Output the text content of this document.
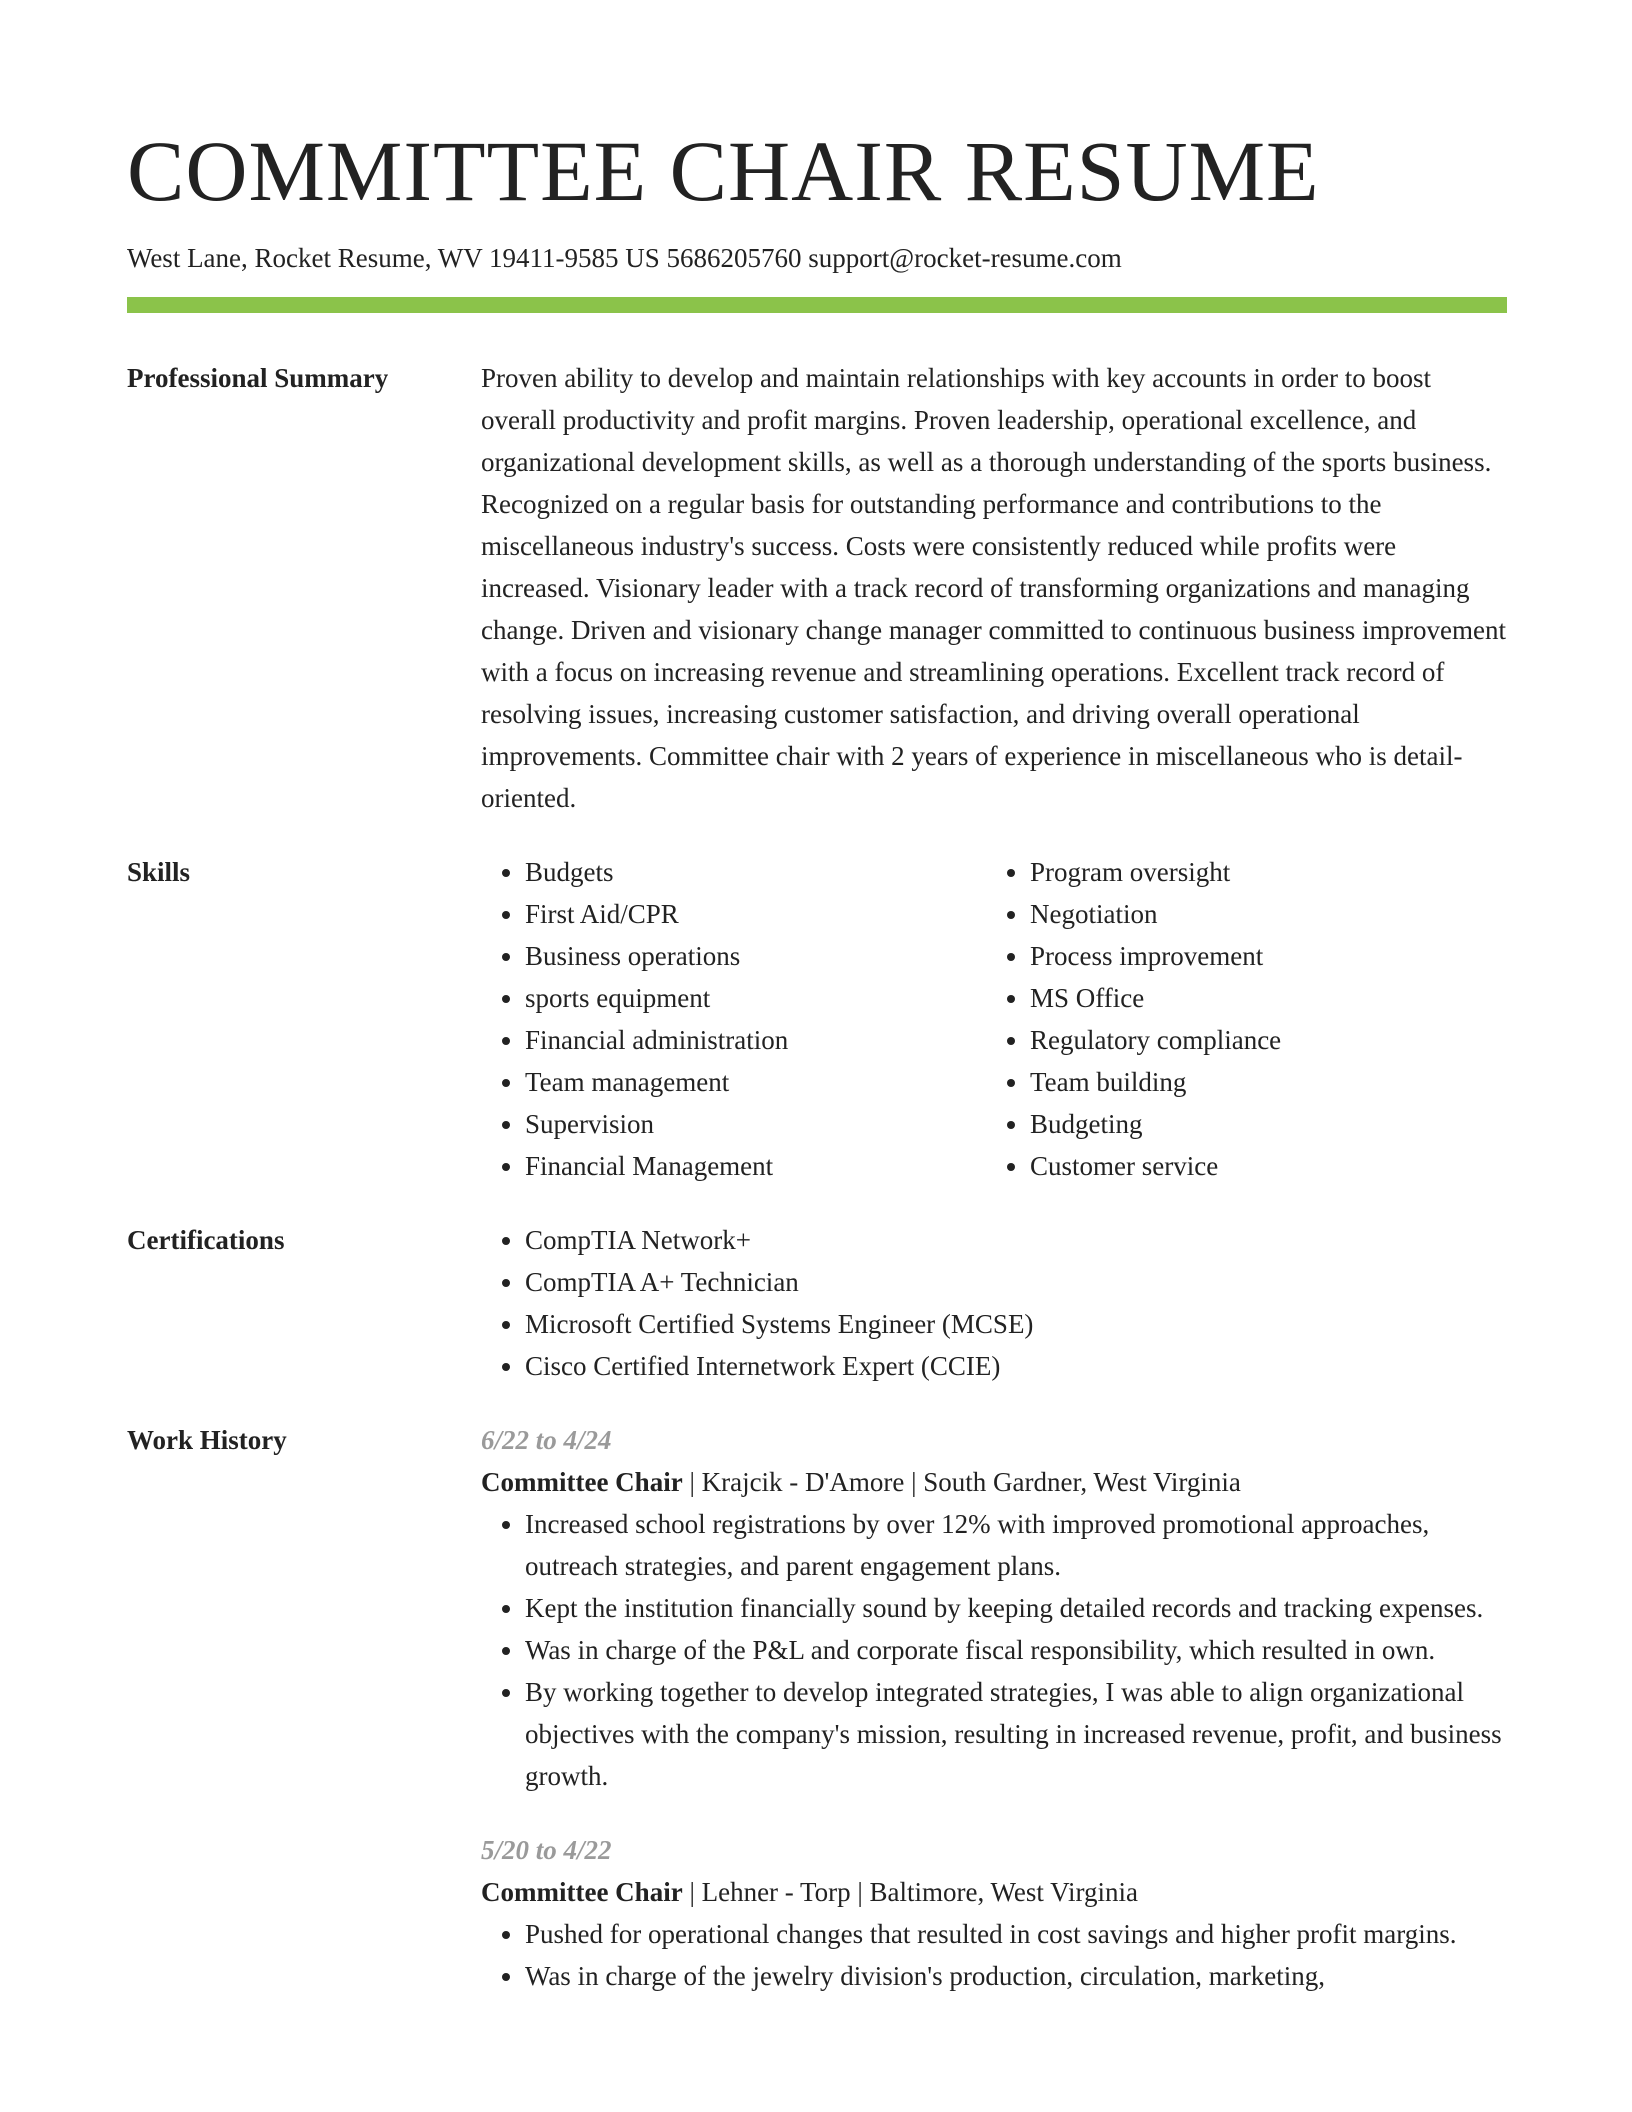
COMMITTEE CHAIR RESUME
West Lane, Rocket Resume, WV 19411-9585 US 5686205760 support@rocket-resume.com
Professional Summary	Proven ability to develop and maintain relationships with key accounts in order to boost overall productivity and profit margins. Proven leadership, operational excellence, and organizational development skills, as well as a thorough understanding of the sports business. Recognized on a regular basis for outstanding performance and contributions to the miscellaneous industry's success. Costs were consistently reduced while profits were increased. Visionary leader with a track record of transforming organizations and managing change. Driven and visionary change manager committed to continuous business improvement with a focus on increasing revenue and streamlining operations. Excellent track record of resolving issues, increasing customer satisfaction, and driving overall operational improvements. Committee chair with 2 years of experience in miscellaneous who is detail-oriented.

Skills	• Budgets
• First Aid/CPR
• Business operations
• sports equipment
• Financial administration
• Team management
• Supervision
• Financial Management
• Program oversight
• Negotiation
• Process improvement
• MS Office
• Regulatory compliance
• Team building
• Budgeting
• Customer service
Certifications	• CompTIA Network+
• CompTIA A+ Technician
• Microsoft Certified Systems Engineer (MCSE)
• Cisco Certified Internetwork Expert (CCIE)
Work History	6/22 to 4/24
Committee Chair | Krajcik - D'Amore | South Gardner, West Virginia
• Increased school registrations by over 12% with improved promotional approaches, outreach strategies, and parent engagement plans.
• Kept the institution financially sound by keeping detailed records and tracking expenses.
• Was in charge of the P&L and corporate fiscal responsibility, which resulted in own.
• By working together to develop integrated strategies, I was able to align organizational objectives with the company's mission, resulting in increased revenue, profit, and business growth.
5/20 to 4/22
Committee Chair | Lehner - Torp | Baltimore, West Virginia
• Pushed for operational changes that resulted in cost savings and higher profit margins.
• Was in charge of the jewelry division's production, circulation, marketing,
